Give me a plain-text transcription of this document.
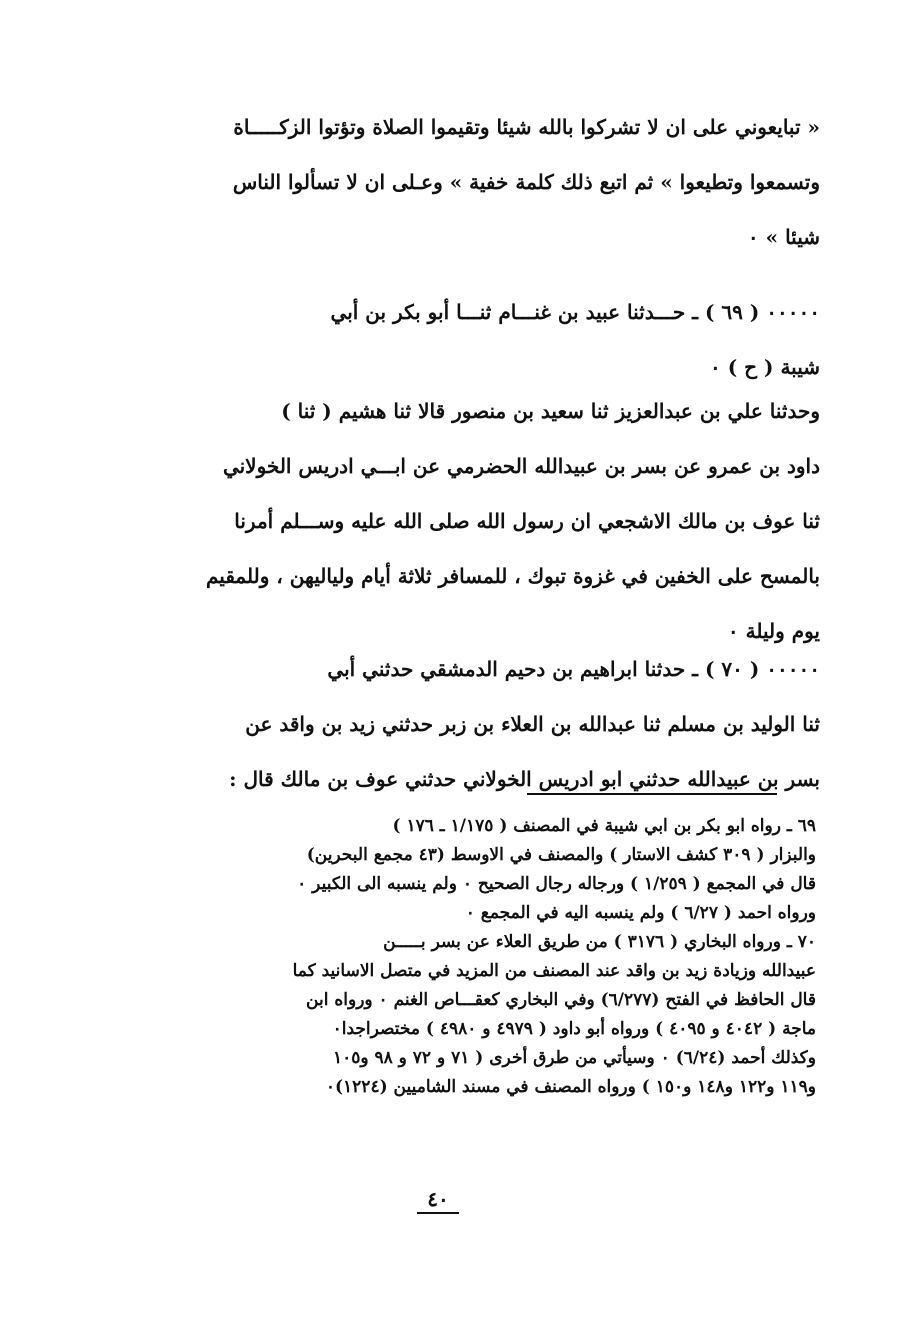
« تبايعوني على ان لا تشركوا بالله شيئا وتقيموا الصلاة وتؤتوا الزكـــــاة

وتسمعوا وتطيعوا » ثم اتبع ذلك كلمة خفية » وعـلى ان لا تسألوا الناس

شيئا » ٠

٠٠٠٠٠ ( ٦٩ ) ـ حـــدثنا عبيد بن غنـــام ثنـــا أبو بكر بن أبي

شيبة ( ح ) ٠

وحدثنا علي بن عبدالعزيز ثنا سعيد بن منصور قالا ثنا هشيم ( ثنا )

داود بن عمرو عن بسر بن عبيدالله الحضرمي عن ابـــي ادريس الخولاني

ثنا عوف بن مالك الاشجعي ان رسول الله صلى الله عليه وســـلم أمرنا

بالمسح على الخفين في غزوة تبوك ، للمسافر ثلاثة أيام ولياليهن ، وللمقيم

يوم وليلة ٠

٠٠٠٠٠ ( ٧٠ ) ـ حدثنا ابراهيم بن دحيم الدمشقي حدثني أبي

ثنا الوليد بن مسلم ثنا عبدالله بن العلاء بن زبر حدثني زيد بن واقد عن

بسر بن عبيدالله حدثني ابو ادريس الخولاني حدثني عوف بن مالك قال :

٦٩ ـ رواه ابو بكر بن ابي شيبة في المصنف ( ١/١٧٥ ـ ١٧٦ )

والبزار ( ٣٠٩ كشف الاستار ) والمصنف في الاوسط (٤٣ مجمع البحرين)

قال في المجمع ( ١/٢٥٩ ) ورجاله رجال الصحيح ٠ ولم ينسبه الى الكبير ٠

ورواه احمد ( ٦/٢٧ ) ولم ينسبه اليه في المجمع ٠

٧٠ ـ ورواه البخاري ( ٣١٧٦ ) من طريق العلاء عن بسر بـــــن

عبيدالله وزيادة زيد بن واقد عند المصنف من المزيد في متصل الاسانيد كما

قال الحافظ في الفتح (٦/٢٧٧) وفي البخاري كعقـــاص الغنم ٠ ورواه ابن

ماجة ( ٤٠٤٢ و ٤٠٩٥ ) ورواه أبو داود ( ٤٩٧٩ و ٤٩٨٠ ) مختصراجدا٠

وكذلك أحمد (٦/٢٤) ٠ وسيأتي من طرق أخرى ( ٧١ و ٧٢ و ٩٨ و١٠٥

و١١٩ و١٢٢ و١٤٨ و١٥٠ ) ورواه المصنف في مسند الشاميين (١٢٢٤)٠

٤٠
